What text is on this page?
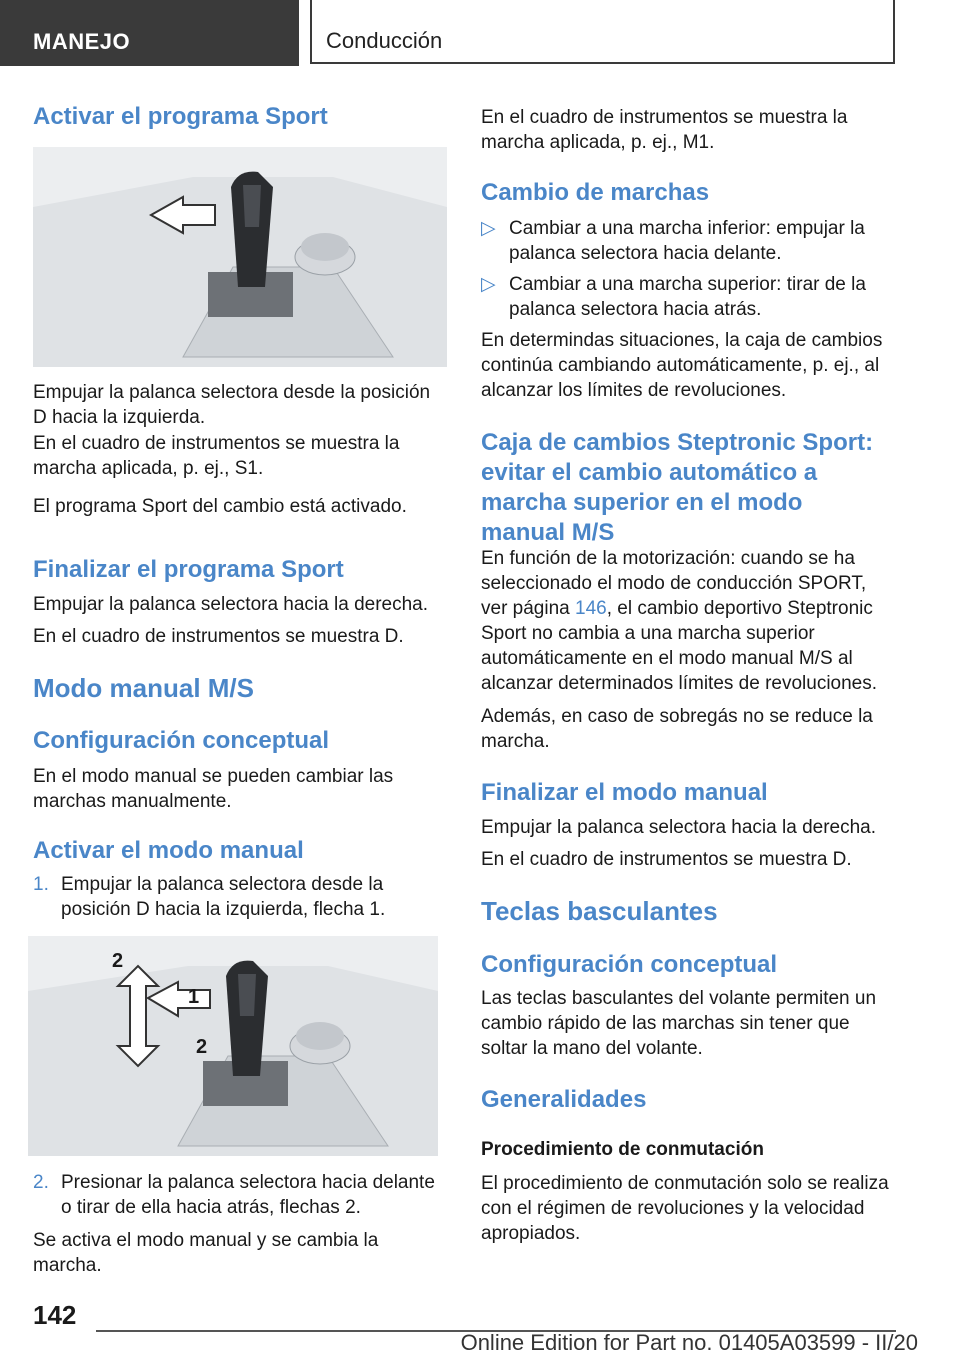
MANEJO	Conducción
Activar el programa Sport

Empujar la palanca selectora desde la posición D hacia la izquierda.

En el cuadro de instrumentos se muestra la marcha aplicada, p. ej., S1.

El programa Sport del cambio está activado.

Finalizar el programa Sport

Empujar la palanca selectora hacia la derecha.

En el cuadro de instrumentos se muestra D.

Modo manual M/S
Configuración conceptual

En el modo manual se pueden cambiar las marchas manualmente.

Activar el modo manual
1. Empujar la palanca selectora desde la posición D hacia la izquierda, flecha 1.
1
2
2
2. Presionar la palanca selectora hacia delante o tirar de ella hacia atrás, flechas 2.

Se activa el modo manual y se cambia la marcha.

En el cuadro de instrumentos se muestra la marcha aplicada, p. ej., M1.

Cambio de marchas
▷ Cambiar a una marcha inferior: empujar la palanca selectora hacia delante.
▷ Cambiar a una marcha superior: tirar de la palanca selectora hacia atrás.

En determindas situaciones, la caja de cambios continúa cambiando automáticamente, p. ej., al alcanzar los límites de revoluciones.

Caja de cambios Steptronic Sport: evitar el cambio automático a marcha superior en el modo manual M/S

En función de la motorización: cuando se ha seleccionado el modo de conducción SPORT, ver página 146, el cambio deportivo Steptronic Sport no cambia a una marcha superior automáticamente en el modo manual M/S al alcanzar determinados límites de revoluciones.

Además, en caso de sobregás no se reduce la marcha.

Finalizar el modo manual

Empujar la palanca selectora hacia la derecha.

En el cuadro de instrumentos se muestra D.

Teclas basculantes
Configuración conceptual

Las teclas basculantes del volante permiten un cambio rápido de las marchas sin tener que soltar la mano del volante.

Generalidades
Procedimiento de conmutación

El procedimiento de conmutación solo se realiza con el régimen de revoluciones y la velocidad apropiados.

142
Online Edition for Part no. 01405A03599 - II/20
